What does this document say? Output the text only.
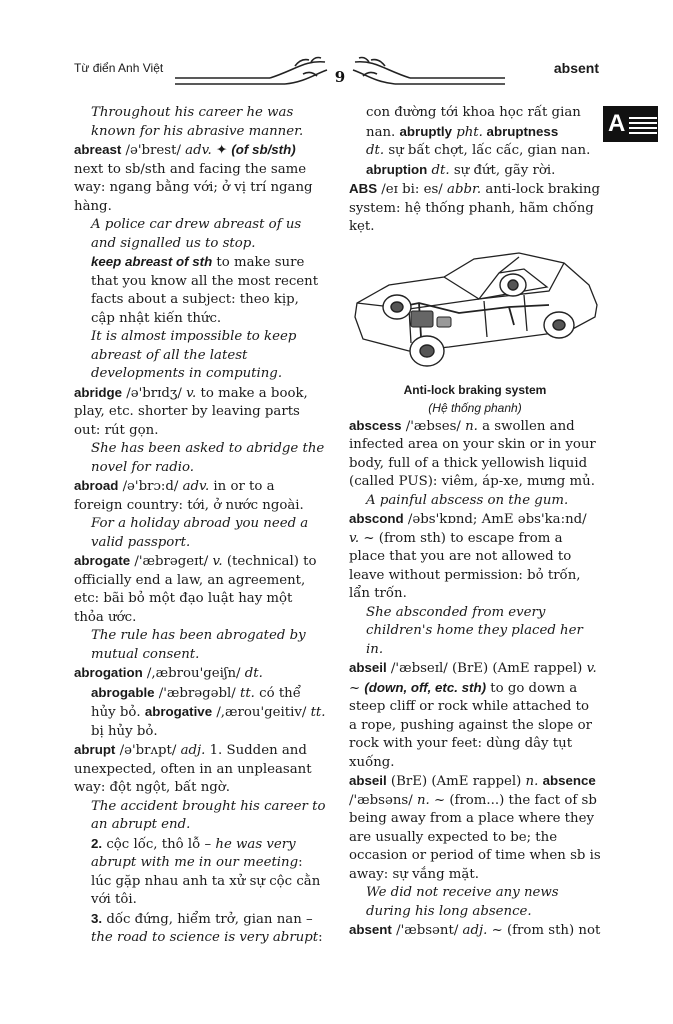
Từ điển Anh Việt	9	absent
A

Throughout his career he was known for his abrasive manner.

abreast /ə'brest/ adv. ✦ (of sb/sth) next to sb/sth and facing the same way: ngang bằng với; ở vị trí ngang hàng.

A police car drew abreast of us and signalled us to stop.

keep abreast of sth to make sure that you know all the most recent facts about a subject: theo kịp, cập nhật kiến thức.

It is almost impossible to keep abreast of all the latest developments in computing.

abridge /ə'brɪdʒ/ v. to make a book, play, etc. shorter by leaving parts out: rút gọn.

She has been asked to abridge the novel for radio.

abroad /ə'brɔ:d/ adv. in or to a foreign country: tới, ở nước ngoài.

For a holiday abroad you need a valid passport.

abrogate /'æbrəgeɪt/ v. (technical) to officially end a law, an agreement, etc: bãi bỏ một đạo luật hay một thỏa ước.

The rule has been abrogated by mutual consent.

abrogation /,æbrou'geiʃn/ dt.

abrogable /'æbrəgəbl/ tt. có thể hủy bỏ. abrogative /,ærou'geitiv/ tt. bị hủy bỏ.

abrupt /ə'brʌpt/ adj. 1. Sudden and unexpected, often in an unpleasant way: đột ngột, bất ngờ.

The accident brought his career to an abrupt end.

2. cộc lốc, thô lỗ – he was very abrupt with me in our meeting: lúc gặp nhau anh ta xử sự cộc cằn với tôi.

3. dốc đứng, hiểm trở, gian nan – the road to science is very abrupt:

con đường tới khoa học rất gian nan. abruptly pht. abruptness
dt. sự bất chợt, lấc cấc, gian nan.

abruption dt. sự đứt, gãy rời.

ABS /eɪ bi: es/ abbr. anti-lock braking system: hệ thống phanh, hãm chống kẹt.

Anti-lock braking system
(Hệ thống phanh)

abscess /'æbses/ n. a swollen and infected area on your skin or in your body, full of a thick yellowish liquid (called PUS): viêm, áp-xe, mưng mủ.

A painful abscess on the gum.

abscond /əbs'kɒnd; AmE əbs'ka:nd/ v. ~ (from sth) to escape from a place that you are not allowed to leave without permission: bỏ trốn, lẩn trốn.

She absconded from every children's home they placed her in.

abseil /'æbseɪl/ (BrE) (AmE rappel) v. ~ (down, off, etc. sth) to go down a steep cliff or rock while attached to a rope, pushing against the slope or rock with your feet: dùng dây tụt xuống.

abseil (BrE) (AmE rappel) n. absence /'æbsəns/ n. ~ (from...) the fact of sb being away from a place where they are usually expected to be; the occasion or period of time when sb is away: sự vắng mặt.

We did not receive any news during his long absence.

absent /'æbsənt/ adj. ~ (from sth) not
